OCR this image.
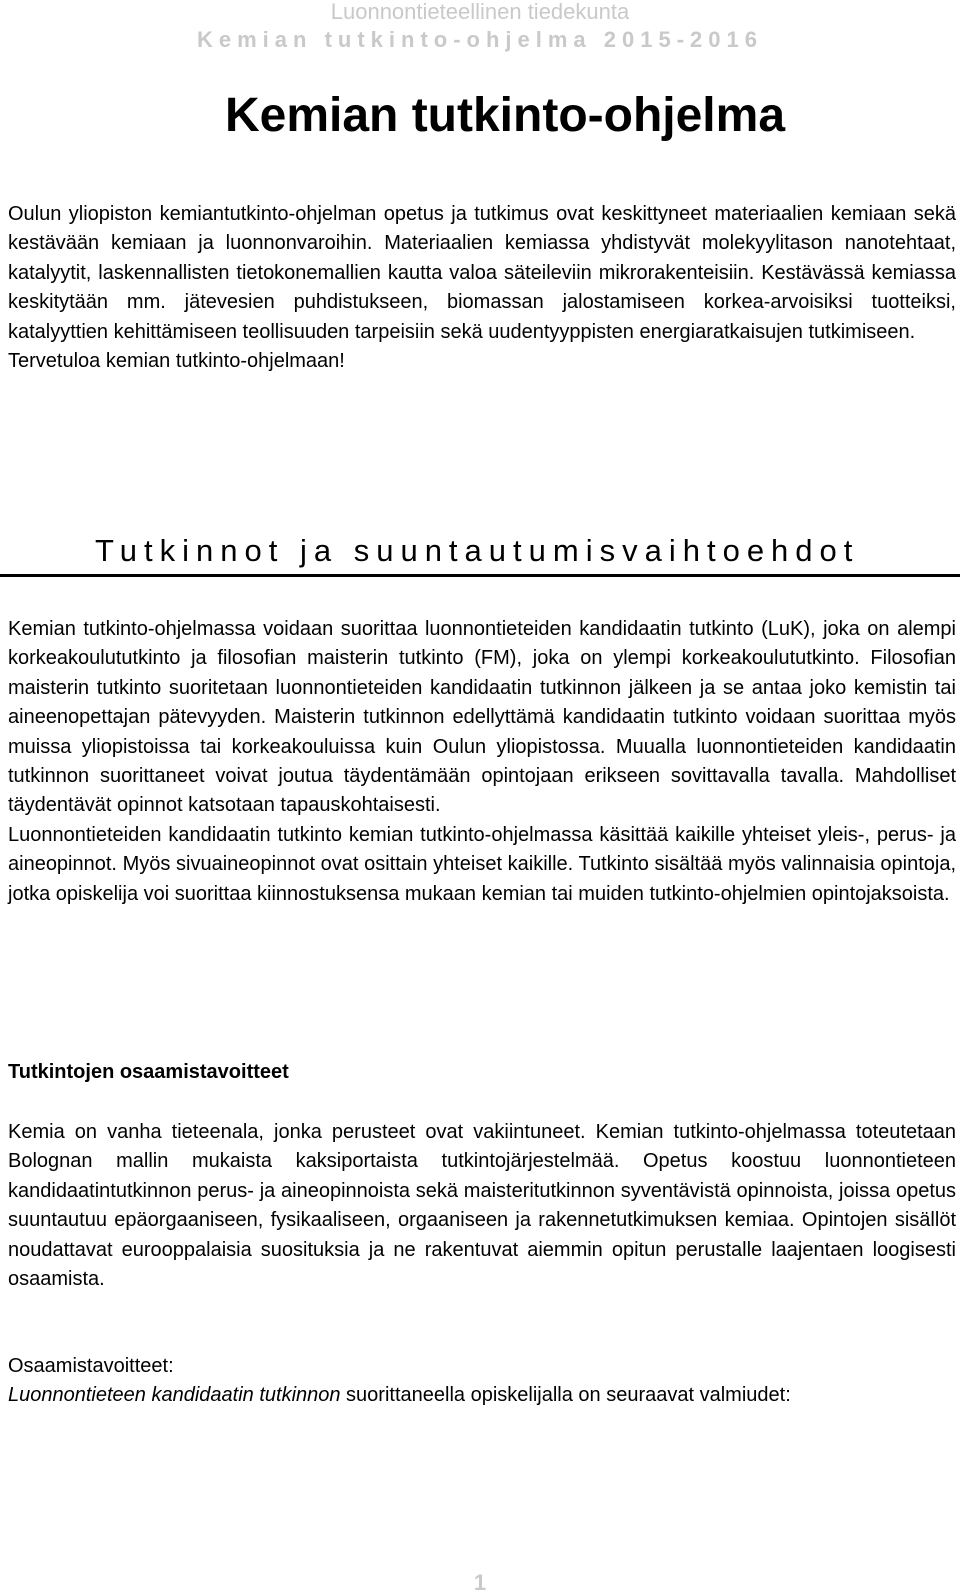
Luonnontieteellinen tiedekunta
Kemian tutkinto-ohjelma 2015-2016
Kemian tutkinto-ohjelma

Oulun yliopiston kemiantutkinto-ohjelman opetus ja tutkimus ovat keskittyneet materiaalien kemiaan sekä kestävään kemiaan ja luonnonvaroihin. Materiaalien kemiassa yhdistyvät molekyylitason nanotehtaat, katalyytit, laskennallisten tietokonemallien kautta valoa säteileviin mikrorakenteisiin. Kestävässä kemiassa keskitytään mm. jätevesien puhdistukseen, biomassan jalostamiseen korkea-arvoisiksi tuotteiksi, katalyyttien kehittämiseen teollisuuden tarpeisiin sekä uudentyyppisten energiaratkaisujen tutkimiseen.
Tervetuloa kemian tutkinto-ohjelmaan!

Tutkinnot ja suuntautumisvaihtoehdot

Kemian tutkinto-ohjelmassa voidaan suorittaa luonnontieteiden kandidaatin tutkinto (LuK), joka on alempi korkeakoulututkinto ja filosofian maisterin tutkinto (FM), joka on ylempi korkeakoulututkinto. Filosofian maisterin tutkinto suoritetaan luonnontieteiden kandidaatin tutkinnon jälkeen ja se antaa joko kemistin tai aineenopettajan pätevyyden. Maisterin tutkinnon edellyttämä kandidaatin tutkinto voidaan suorittaa myös muissa yliopistoissa tai korkeakouluissa kuin Oulun yliopistossa. Muualla luonnontieteiden kandidaatin tutkinnon suorittaneet voivat joutua täydentämään opintojaan erikseen sovittavalla tavalla. Mahdolliset täydentävät opinnot katsotaan tapauskohtaisesti.
Luonnontieteiden kandidaatin tutkinto kemian tutkinto-ohjelmassa käsittää kaikille yhteiset yleis-, perus- ja aineopinnot. Myös sivuaineopinnot ovat osittain yhteiset kaikille. Tutkinto sisältää myös valinnaisia opintoja, jotka opiskelija voi suorittaa kiinnostuksensa mukaan kemian tai muiden tutkinto-ohjelmien opintojaksoista.

Tutkintojen osaamistavoitteet

Kemia on vanha tieteenala, jonka perusteet ovat vakiintuneet. Kemian tutkinto-ohjelmassa toteutetaan Bolognan mallin mukaista kaksiportaista tutkintojärjestelmää. Opetus koostuu luonnontieteen kandidaatintutkinnon perus- ja aineopinnoista sekä maisteritutkinnon syventävistä opinnoista, joissa opetus suuntautuu epäorgaaniseen, fysikaaliseen, orgaaniseen ja rakennetutkimuksen kemiaa. Opintojen sisällöt noudattavat eurooppalaisia suosituksia ja ne rakentuvat aiemmin opitun perustalle laajentaen loogisesti osaamista.

Osaamistavoitteet:
Luonnontieteen kandidaatin tutkinnon suorittaneella opiskelijalla on seuraavat valmiudet:

1
